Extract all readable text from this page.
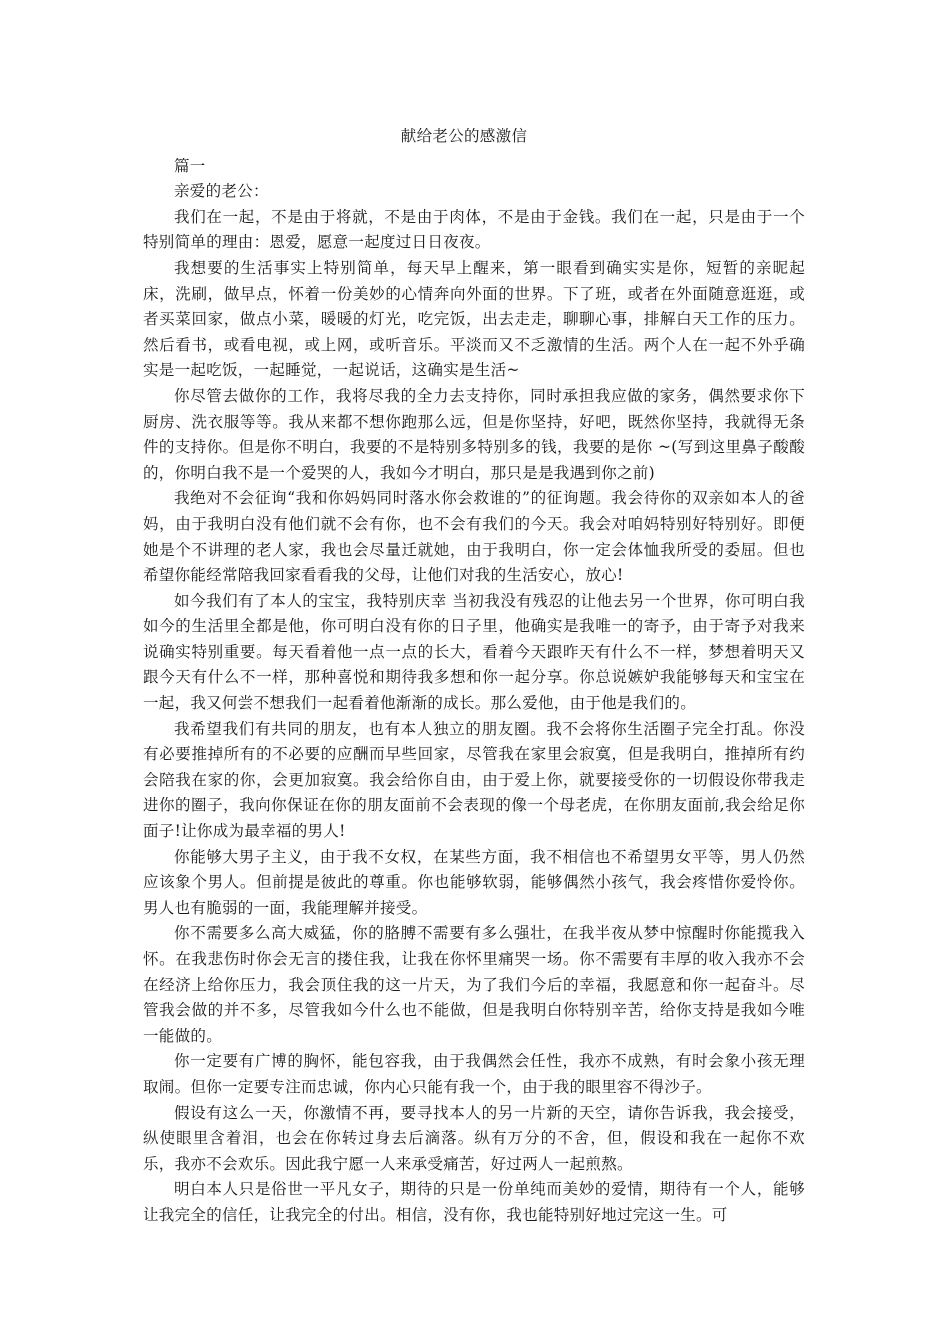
献给老公的感激信

篇一

亲爱的老公：

我们在一起，不是由于将就，不是由于肉体，不是由于金钱。我们在一起，只是由于一个特别简单的理由：恩爱，愿意一起度过日日夜夜。

我想要的生活事实上特别简单，每天早上醒来，第一眼看到确实实是你，短暂的亲昵起床，洗刷，做早点，怀着一份美妙的心情奔向外面的世界。下了班，或者在外面随意逛逛，或者买菜回家，做点小菜，暖暖的灯光，吃完饭，出去走走，聊聊心事，排解白天工作的压力。然后看书，或看电视，或上网，或听音乐。平淡而又不乏激情的生活。两个人在一起不外乎确实是一起吃饭，一起睡觉，一起说话，这确实是生活~

你尽管去做你的工作，我将尽我的全力去支持你，同时承担我应做的家务，偶然要求你下厨房、洗衣服等等。我从来都不想你跑那么远，但是你坚持，好吧，既然你坚持，我就得无条件的支持你。但是你不明白，我要的不是特别多特别多的钱，我要的是你 ~(写到这里鼻子酸酸的，你明白我不是一个爱哭的人，我如今才明白，那只是是我遇到你之前)

我绝对不会征询“我和你妈妈同时落水你会救谁的”的征询题。我会待你的双亲如本人的爸妈，由于我明白没有他们就不会有你，也不会有我们的今天。我会对咱妈特别好特别好。即便她是个不讲理的老人家，我也会尽量迁就她，由于我明白，你一定会体恤我所受的委屈。但也希望你能经常陪我回家看看我的父母，让他们对我的生活安心，放心!

如今我们有了本人的宝宝，我特别庆幸 当初我没有残忍的让他去另一个世界，你可明白我如今的生活里全都是他，你可明白没有你的日子里，他确实是我唯一的寄予，由于寄予对我来说确实特别重要。每天看着他一点一点的长大，看着今天跟昨天有什么不一样，梦想着明天又跟今天有什么不一样，那种喜悦和期待我多想和你一起分享。你总说嫉妒我能够每天和宝宝在一起，我又何尝不想我们一起看着他渐渐的成长。那么爱他，由于他是我们的。

我希望我们有共同的朋友，也有本人独立的朋友圈。我不会将你生活圈子完全打乱。你没有必要推掉所有的不必要的应酬而早些回家，尽管我在家里会寂寞，但是我明白，推掉所有约会陪我在家的你，会更加寂寞。我会给你自由，由于爱上你，就要接受你的一切假设你带我走进你的圈子，我向你保证在你的朋友面前不会表现的像一个母老虎，在你朋友面前,我会给足你面子!让你成为最幸福的男人!

你能够大男子主义，由于我不女权，在某些方面，我不相信也不希望男女平等，男人仍然应该象个男人。但前提是彼此的尊重。你也能够软弱，能够偶然小孩气，我会疼惜你爱怜你。男人也有脆弱的一面，我能理解并接受。

你不需要多么高大威猛，你的胳膊不需要有多么强壮，在我半夜从梦中惊醒时你能揽我入怀。在我悲伤时你会无言的搂住我，让我在你怀里痛哭一场。你不需要有丰厚的收入我亦不会在经济上给你压力，我会顶住我的这一片天，为了我们今后的幸福，我愿意和你一起奋斗。尽管我会做的并不多，尽管我如今什么也不能做，但是我明白你特别辛苦，给你支持是我如今唯一能做的。

你一定要有广博的胸怀，能包容我，由于我偶然会任性，我亦不成熟，有时会象小孩无理取闹。但你一定要专注而忠诚，你内心只能有我一个，由于我的眼里容不得沙子。

假设有这么一天，你激情不再，要寻找本人的另一片新的天空，请你告诉我，我会接受，纵使眼里含着泪，也会在你转过身去后滴落。纵有万分的不舍，但，假设和我在一起你不欢乐，我亦不会欢乐。因此我宁愿一人来承受痛苦，好过两人一起煎熬。

明白本人只是俗世一平凡女子，期待的只是一份单纯而美妙的爱情，期待有一个人，能够让我完全的信任，让我完全的付出。相信，没有你，我也能特别好地过完这一生。可
